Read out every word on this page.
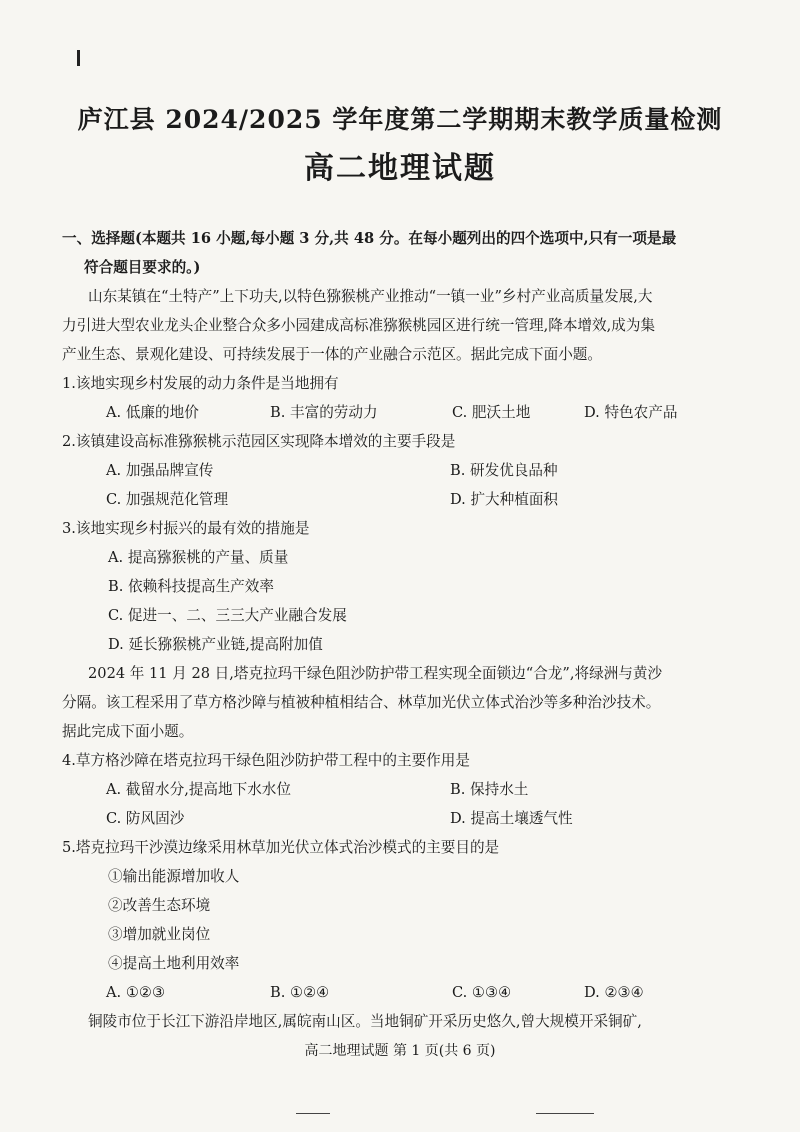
庐江县 2024/2025 学年度第二学期期末教学质量检测
高二地理试题
一、选择题(本题共 16 小题,每小题 3 分,共 48 分。在每小题列出的四个选项中,只有一项是最
符合题目要求的。)
山东某镇在“土特产”上下功夫,以特色猕猴桃产业推动“一镇一业”乡村产业高质量发展,大
力引进大型农业龙头企业整合众多小园建成高标准猕猴桃园区进行统一管理,降本增效,成为集
产业生态、景观化建设、可持续发展于一体的产业融合示范区。据此完成下面小题。
1.该地实现乡村发展的动力条件是当地拥有
A. 低廉的地价	B. 丰富的劳动力	C. 肥沃土地	D. 特色农产品
2.该镇建设高标准猕猴桃示范园区实现降本增效的主要手段是
A. 加强品牌宣传	B. 研发优良品种
C. 加强规范化管理	D. 扩大种植面积
3.该地实现乡村振兴的最有效的措施是
A. 提高猕猴桃的产量、质量
B. 依赖科技提高生产效率
C. 促进一、二、三三大产业融合发展
D. 延长猕猴桃产业链,提高附加值
2024 年 11 月 28 日,塔克拉玛干绿色阻沙防护带工程实现全面锁边“合龙”,将绿洲与黄沙
分隔。该工程采用了草方格沙障与植被种植相结合、林草加光伏立体式治沙等多种治沙技术。
据此完成下面小题。
4.草方格沙障在塔克拉玛干绿色阻沙防护带工程中的主要作用是
A. 截留水分,提高地下水水位	B. 保持水土
C. 防风固沙	D. 提高土壤透气性
5.塔克拉玛干沙漠边缘采用林草加光伏立体式治沙模式的主要目的是
①输出能源增加收人
②改善生态环境
③增加就业岗位
④提高土地利用效率
A. ①②③	B. ①②④	C. ①③④	D. ②③④
铜陵市位于长江下游沿岸地区,属皖南山区。当地铜矿开采历史悠久,曾大规模开采铜矿,
高二地理试题 第 1 页(共 6 页)
